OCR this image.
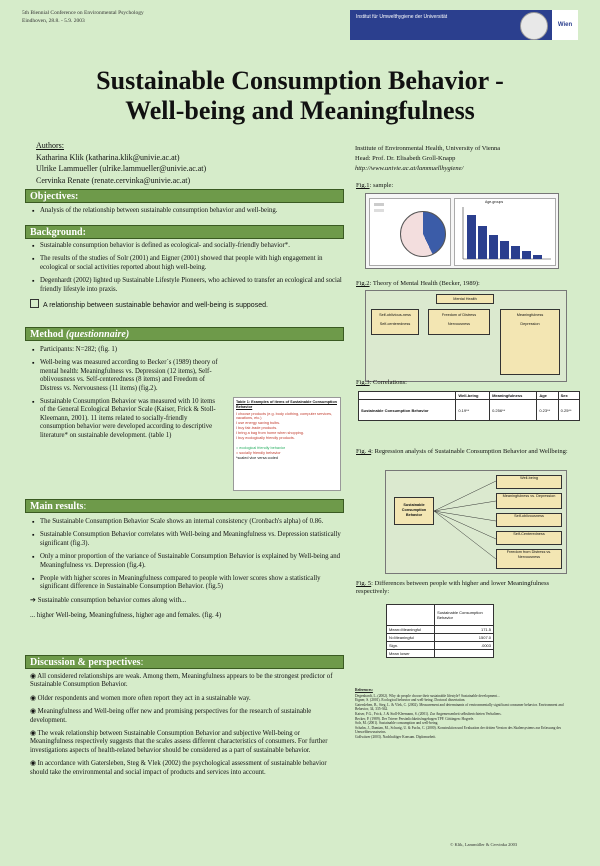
5th Biennial Conference on Environmental Psychology
Eindhoven, 28.8. - 5.9. 2003
Institut für Umwelthygiene der Universität
Wien
Sustainable Consumption Behavior -
Well-being and Meaningfulness
Authors:
Katharina Klik (katharina.klik@univie.ac.at)
Ulrike Lammueller (ulrike.lammueller@univie.ac.at)
Cervinka Renate (renate.cervinka@univie.ac.at)
Institute of Environmental Health, University of Vienna
Head: Prof. Dr. Elisabeth Groll-Knapp
http://www.univie.ac.at/lammuellhygiene/
Objectives:
▪ Analysis of the relationship between sustainable consumption behavior and well-being.
Background:
▪ Sustainable consumption behavior is defined as ecological- and socially-friendly behavior*.
▪ The results of the studies of Solr (2001) and Eigner (2001) showed that people with high engagement in ecological or social activities reported about high well-being.
▪ Degenhardt (2002) lighted up Sustainable Lifestyle Pioneers, who achieved to transfer an ecological and social friendly lifestyle into praxis.
A relationship between sustainable behavior and well-being is supposed.
Method (questionnaire)
▪ Participants: N=282; (fig. 1)
▪ Well-being was measured according to Becker´s (1989) theory of mental health: Meaningfulness vs. Depression (12 items), Self-oblivousness vs. Self-centeredness (8 items) and Freedom of Distress vs. Nervousness (11 items) (fig.2).
▪ Sustainable Consumption Behavior was measured with 10 items of the General Ecological Behavior Scale (Kaiser, Frick & Stoll-Kleemann, 2001). 11 items related to socially-friendly consumption behavior were developed according to descriptive literature* on sustainable development. (table 1)
Table 1: Examples of items of Sustainable Consumption Behavior
I choose products (e.g. body clothing, computer services, vacations, etc.)
I use energy saving bulbs.
I buy fair-trade products.
I bring a bag from home when shopping.
I buy ecologically friendly products.
= ecological friendly behavior
= socially friendly behavior
*scaled vice versa coded
Main results:
▪ The Sustainable Consumption Behavior Scale shows an internal consistency (Cronbach's alpha) of 0.86.
▪ Sustainable Consumption Behavior correlates with Well-being and Meaningfulness vs. Depression statistically significant (fig.3).
▪ Only a minor proportion of the variance of Sustainable Consumption Behavior is explained by Well-being and Meaningfulness vs. Depression (fig.4).
▪ People with higher scores in Meaningfulness compared to people with lower scores show a statistically significant difference in Sustainable Consumption Behavior. (fig.5)
➔ Sustainable consumption behavior comes along with...
... higher Well-being, Meaningfulness, higher age and females. (fig. 4)
Discussion & perspectives:

◉ All considered relationships are weak. Among them, Meaningfulness appears to be the strongest predictor of Sustainable Consumption Behavior.

◉ Older respondents and women more often report they act in a sustainable way.

◉ Meaningfulness and Well-being offer new and promising perspectives for the research of sustainable development.

◉ The weak relationship between Sustainable Consumption Behavior and subjective Well-being or Meaningfulness respectively suggests that the scales assess different characteristics of consumers. For further investigations aspects of health-related behavior should be considered as a part of sustainable behavior.

◉ In accordance with Gatersleben, Steg & Vlek (2002) the psychological assessment of sustainable behavior should take the environmental and social impact of products and services into account.

Fig.1: sample:
Age-groups
Fig.2: Theory of Mental Health (Becker, 1989):
Mental Health
Self-oblivious-ness
Self-centeredness
Freedom of Distress
Nervousness
Meaningfulness
Depression
Fig.3: Correlations:
	Well-being	Meaningfulness	Age	Sex
Sustainable Consumption Behavior	0.19**	0.256**	0.23**	0.25**
Fig. 4: Regression analysis of Sustainable Consumption Behavior and Wellbeing:
Sustainable Consumption Behavior
Well-being
Meaningfulness vs. Depression
Self-oblivousness
Self-Centeredness
Freedom from Distress vs. Nervousness
Fig. 5: Differences between people with higher and lower Meaningfulness respectively:
	Sustainable Consumption Behavior
Mean=Meaningful	171.5
N=Meaningful	1507.0
Sign.	.0003
Mean lower	
References:
Degenhardt, L. (2002). Why do people choose their sustainable lifestyle? Sustainable development...
Eigner, S. (2001). Ecological behavior and well-being. Doctoral dissertation.
Gatersleben, B., Steg, L. & Vlek, C. (2002). Measurement and determinants of environmentally significant consumer behavior. Environment and Behavior, 34, 335-362.
Kaiser, F.G., Frick, J. & Stoll-Kleemann, S. (2001). Zur Angemessenheit selbstberichteten Verhaltens.
Becker, P. (1989). Der Trierer Persönlichkeitsfragebogen TPF. Göttingen: Hogrefe.
Solr, M. (2001). Sustainable consumption and well-being.
Schahn, J., Damian, M., Schurig, U. & Fuchs, C. (2000). Konstruktion und Evaluation der dritten Version des Skalensystems zur Erfassung des Umweltbewusstseins.
Gollwitzer (2003). Nachhaltiger Konsum. Diplomarbeit.
© Klik, Lammüller & Cervinka 2003
